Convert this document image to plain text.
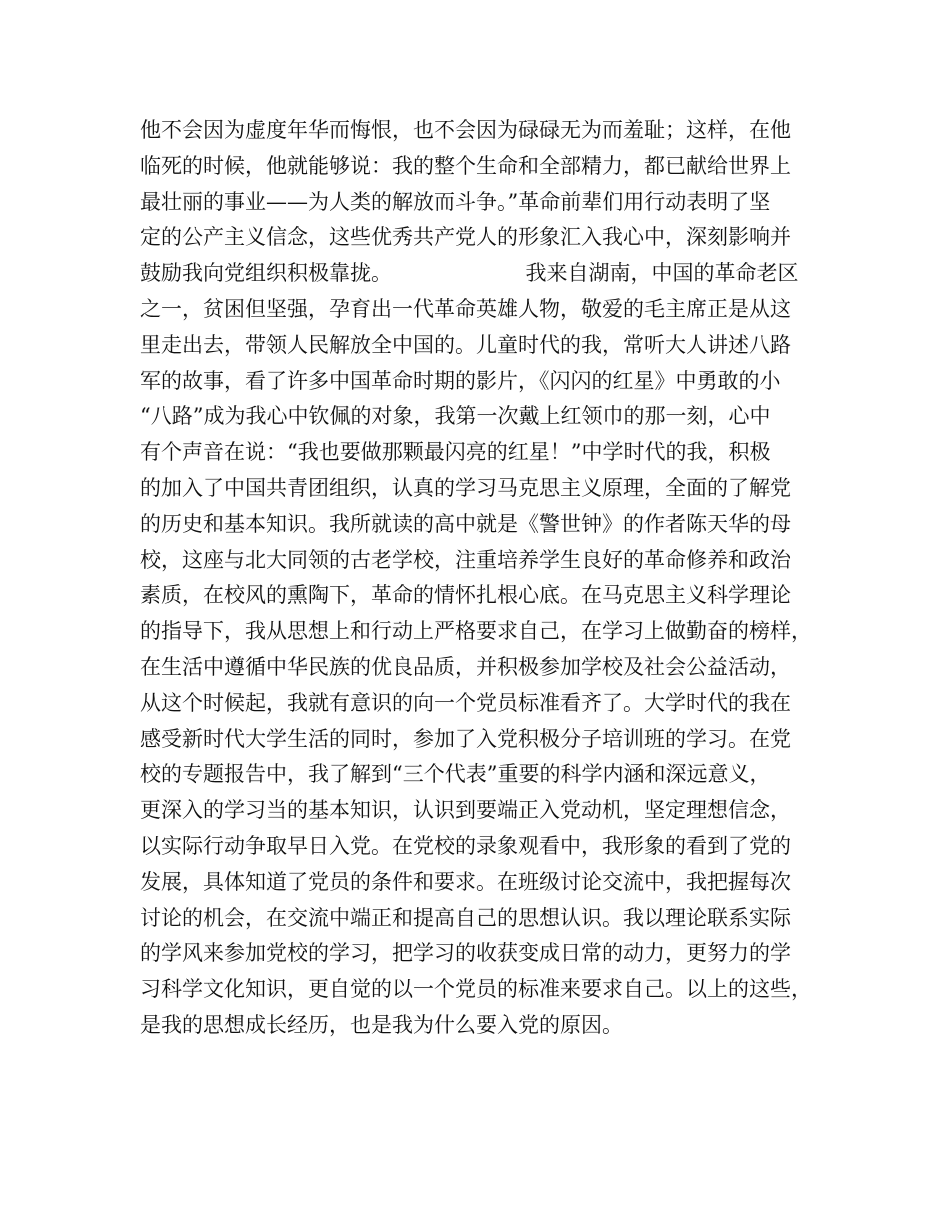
他不会因为虚度年华而悔恨，也不会因为碌碌无为而羞耻；这样，在他
临死的时候，他就能够说：我的整个生命和全部精力，都已献给世界上
最壮丽的事业——为人类的解放而斗争。”革命前辈们用行动表明了坚
定的公产主义信念，这些优秀共产党人的形象汇入我心中，深刻影响并
鼓励我向党组织积极靠拢。                    我来自湖南，中国的革命老区
之一，贫困但坚强，孕育出一代革命英雄人物，敬爱的毛主席正是从这
里走出去，带领人民解放全中国的。儿童时代的我，常听大人讲述八路
军的故事，看了许多中国革命时期的影片，《闪闪的红星》中勇敢的小
“八路”成为我心中钦佩的对象，我第一次戴上红领巾的那一刻，心中
有个声音在说：“我也要做那颗最闪亮的红星！”中学时代的我，积极
的加入了中国共青团组织，认真的学习马克思主义原理，全面的了解党
的历史和基本知识。我所就读的高中就是《警世钟》的作者陈天华的母
校，这座与北大同领的古老学校，注重培养学生良好的革命修养和政治
素质，在校风的熏陶下，革命的情怀扎根心底。在马克思主义科学理论
的指导下，我从思想上和行动上严格要求自己，在学习上做勤奋的榜样，
在生活中遵循中华民族的优良品质，并积极参加学校及社会公益活动，
从这个时候起，我就有意识的向一个党员标准看齐了。大学时代的我在
感受新时代大学生活的同时，参加了入党积极分子培训班的学习。在党
校的专题报告中，我了解到“三个代表”重要的科学内涵和深远意义，
更深入的学习当的基本知识，认识到要端正入党动机，坚定理想信念，
以实际行动争取早日入党。在党校的录象观看中，我形象的看到了党的
发展，具体知道了党员的条件和要求。在班级讨论交流中，我把握每次
讨论的机会，在交流中端正和提高自己的思想认识。我以理论联系实际
的学风来参加党校的学习，把学习的收获变成日常的动力，更努力的学
习科学文化知识，更自觉的以一个党员的标准来要求自己。以上的这些，
是我的思想成长经历，也是我为什么要入党的原因。
